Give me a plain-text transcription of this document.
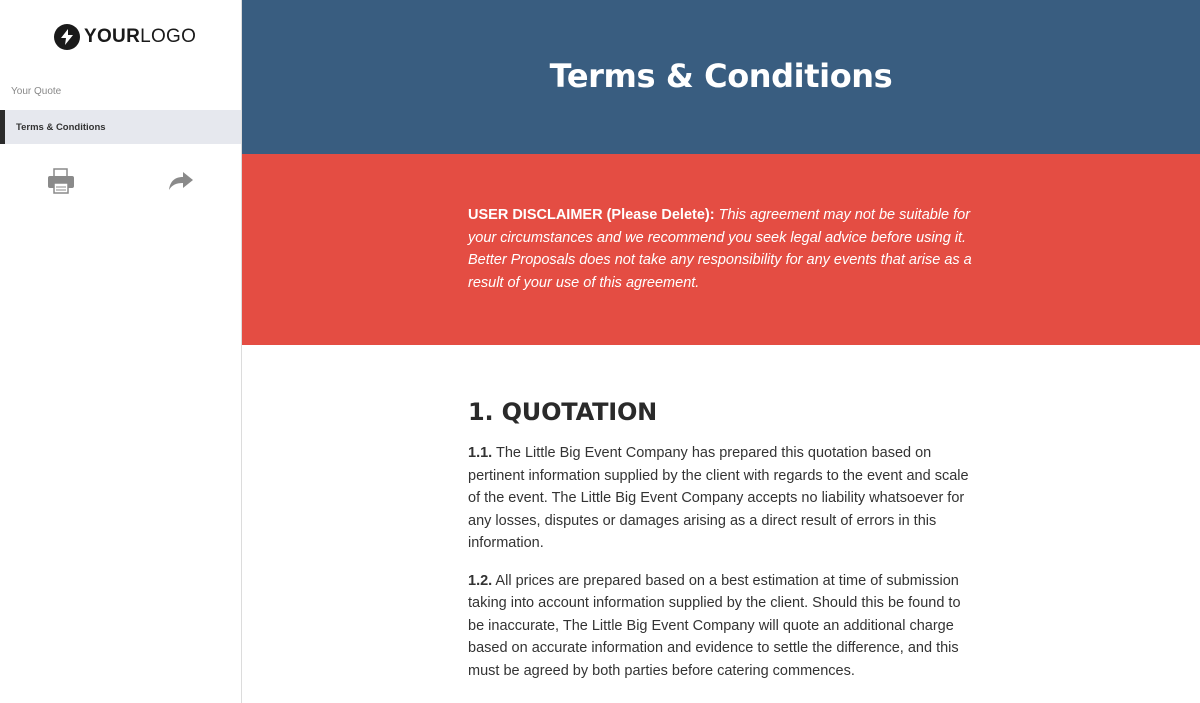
YOURLOGO
Your Quote
Terms & Conditions
Terms & Conditions

USER DISCLAIMER (Please Delete): This agreement may not be suitable for your circumstances and we recommend you seek legal advice before using it. Better Proposals does not take any responsibility for any events that arise as a result of your use of this agreement.

1. QUOTATION

1.1. The Little Big Event Company has prepared this quotation based on pertinent information supplied by the client with regards to the event and scale of the event. The Little Big Event Company accepts no liability whatsoever for any losses, disputes or damages arising as a direct result of errors in this information.

1.2. All prices are prepared based on a best estimation at time of submission taking into account information supplied by the client. Should this be found to be inaccurate, The Little Big Event Company will quote an additional charge based on accurate information and evidence to settle the difference, and this must be agreed by both parties before catering commences.
